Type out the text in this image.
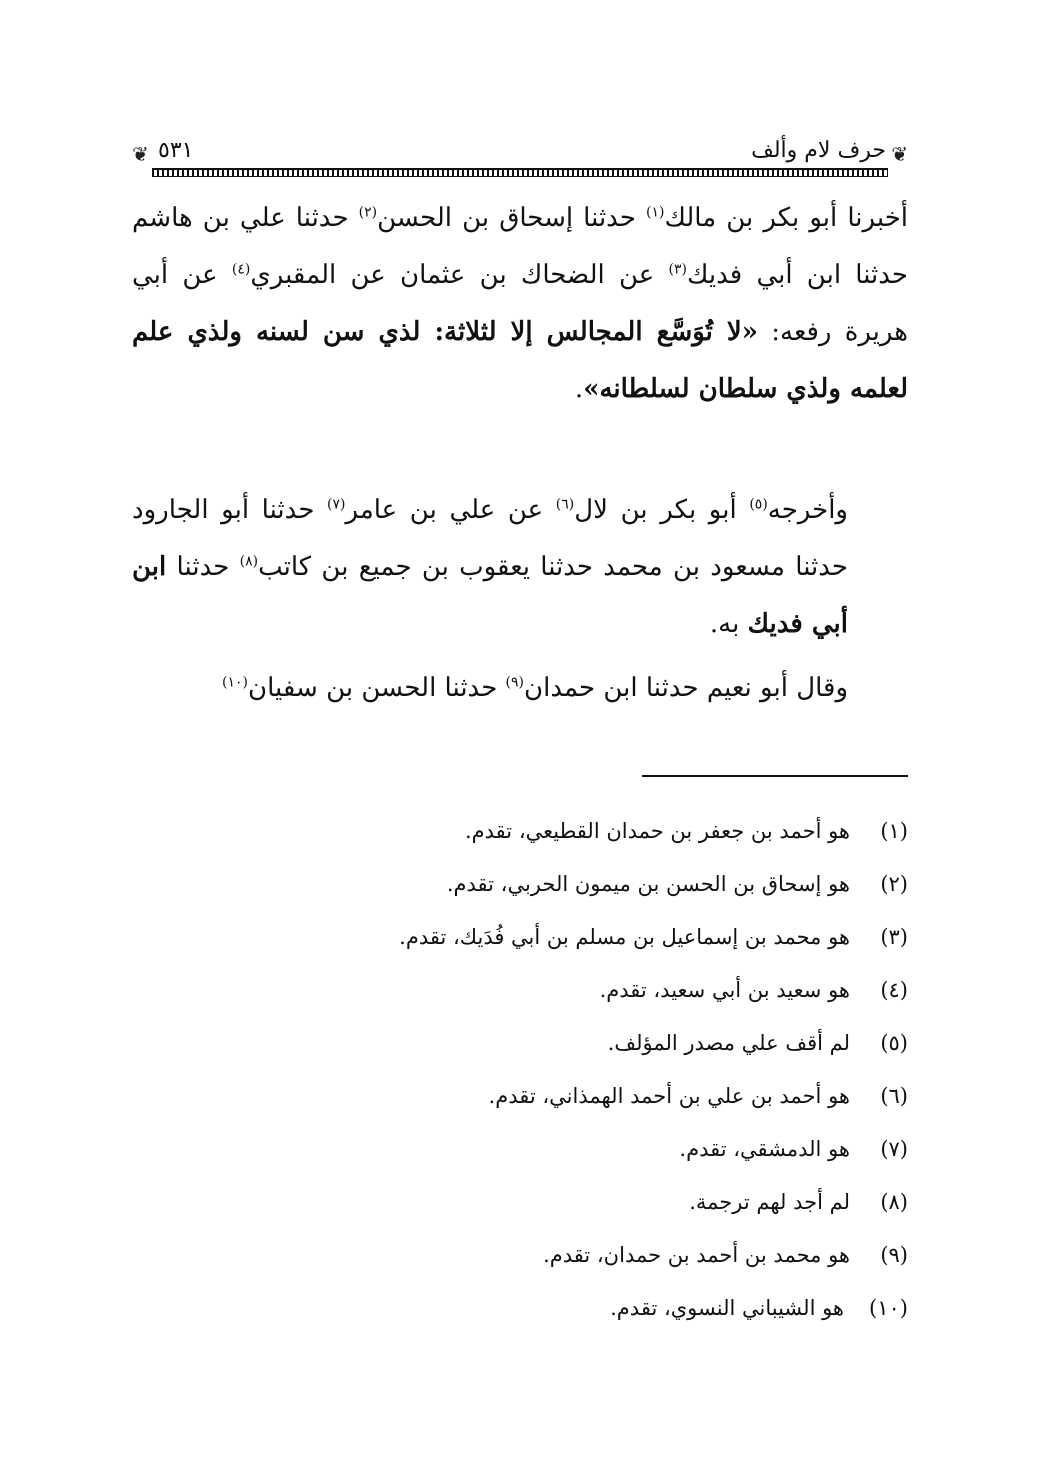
❦
حرف لام وألف
٥٣١
❦
أخبرنا أبو بكر بن مالك$^{(١)}$ حدثنا إسحاق بن الحسن$^{(٢)}$ حدثنا علي بن هاشم حدثنا ابن أبي فديك$^{(٣)}$ عن الضحاك بن عثمان عن المقبري$^{(٤)}$ عن أبي هريرة رفعه: «لا تُوَسَّع المجالس إلا لثلاثة: لذي سن لسنه ولذي علم لعلمه ولذي سلطان لسلطانه».
وأخرجه$^{(٥)}$ أبو بكر بن لال$^{(٦)}$ عن علي بن عامر$^{(٧)}$ حدثنا أبو الجارود حدثنا مسعود بن محمد حدثنا يعقوب بن جميع بن كاتب$^{(٨)}$ حدثنا ابن أبي فديك به.
وقال أبو نعيم حدثنا ابن حمدان$^{(٩)}$ حدثنا الحسن بن سفيان$^{(١٠)}$
(١)هو أحمد بن جعفر بن حمدان القطيعي، تقدم.
(٢)هو إسحاق بن الحسن بن ميمون الحربي، تقدم.
(٣)هو محمد بن إسماعيل بن مسلم بن أبي فُدَيك، تقدم.
(٤)هو سعيد بن أبي سعيد، تقدم.
(٥)لم أقف علي مصدر المؤلف.
(٦)هو أحمد بن علي بن أحمد الهمذاني، تقدم.
(٧)هو الدمشقي، تقدم.
(٨)لم أجد لهم ترجمة.
(٩)هو محمد بن أحمد بن حمدان، تقدم.
(١٠)هو الشيباني النسوي، تقدم.
